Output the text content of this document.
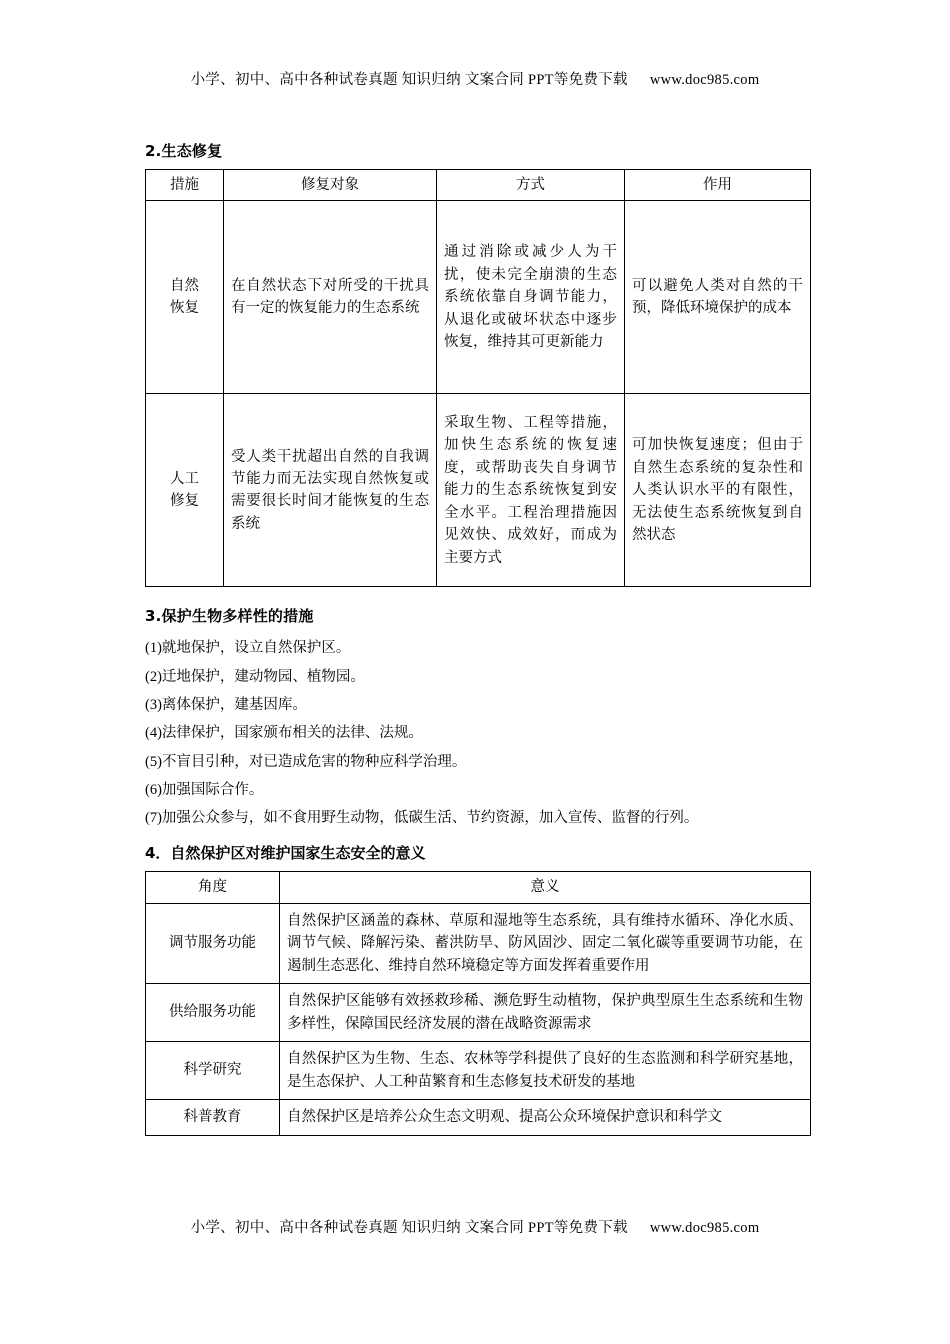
小学、初中、高中各种试卷真题 知识归纳 文案合同 PPT等免费下载 www.doc985.com
2.生态修复
措施	修复对象	方式	作用

自然
恢复	在自然状态下对所受的干扰具有一定的恢复能力的生态系统	通过消除或减少人为干扰，使未完全崩溃的生态系统依靠自身调节能力，从退化或破坏状态中逐步恢复，维持其可更新能力	可以避免人类对自然的干预，降低环境保护的成本

人工
修复	受人类干扰超出自然的自我调节能力而无法实现自然恢复或需要很长时间才能恢复的生态系统	采取生物、工程等措施，加快生态系统的恢复速度，或帮助丧失自身调节能力的生态系统恢复到安全水平。工程治理措施因见效快、成效好，而成为主要方式	可加快恢复速度；但由于自然生态系统的复杂性和人类认识水平的有限性，无法使生态系统恢复到自然状态
3.保护生物多样性的措施
(1)就地保护，设立自然保护区。
(2)迁地保护，建动物园、植物园。
(3)离体保护，建基因库。
(4)法律保护，国家颁布相关的法律、法规。
(5)不盲目引种，对已造成危害的物种应科学治理。
(6)加强国际合作。
(7)加强公众参与，如不食用野生动物，低碳生活、节约资源，加入宣传、监督的行列。
4．自然保护区对维护国家生态安全的意义
角度	意义
调节服务功能	自然保护区涵盖的森林、草原和湿地等生态系统，具有维持水循环、净化水质、调节气候、降解污染、蓄洪防旱、防风固沙、固定二氧化碳等重要调节功能，在遏制生态恶化、维持自然环境稳定等方面发挥着重要作用
供给服务功能	自然保护区能够有效拯救珍稀、濒危野生动植物，保护典型原生生态系统和生物多样性，保障国民经济发展的潜在战略资源需求
科学研究	自然保护区为生物、生态、农林等学科提供了良好的生态监测和科学研究基地，是生态保护、人工种苗繁育和生态修复技术研发的基地
科普教育	自然保护区是培养公众生态文明观、提高公众环境保护意识和科学文
小学、初中、高中各种试卷真题 知识归纳 文案合同 PPT等免费下载 www.doc985.com
